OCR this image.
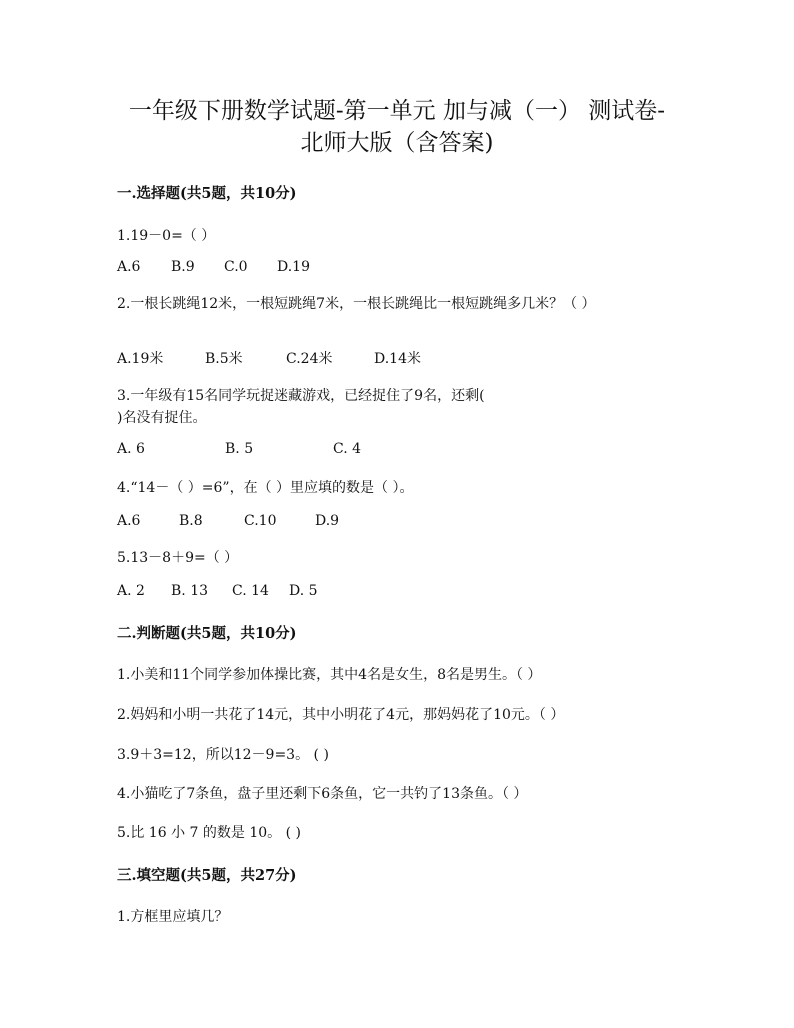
一年级下册数学试题-第一单元 加与减（一） 测试卷-
北师大版（含答案)
一.选择题(共5题，共10分)
1.19－0=（ ）
A.6 B.9 C.0 D.19
2.一根长跳绳12米，一根短跳绳7米，一根长跳绳比一根短跳绳多几米？（ ）
A.19米	B.5米	C.24米	D.14米
3.一年级有15名同学玩捉迷藏游戏，已经捉住了9名，还剩(
)名没有捉住。
A. 6	B. 5	C. 4
4.“14－（ ）=6”，在（ ）里应填的数是（ ）。
A.6	B.8	C.10	D.9
5.13－8＋9=（ ）
A. 2 B. 13 C. 14 D. 5
二.判断题(共5题，共10分)
1.小美和11个同学参加体操比赛，其中4名是女生，8名是男生。（ ）
2.妈妈和小明一共花了14元，其中小明花了4元，那妈妈花了10元。（ ）
3.9＋3=12，所以12－9=3。 ( )
4.小猫吃了7条鱼，盘子里还剩下6条鱼，它一共钓了13条鱼。（ ）
5.比 16 小 7 的数是 10。 ( )
三.填空题(共5题，共27分)
1.方框里应填几？
